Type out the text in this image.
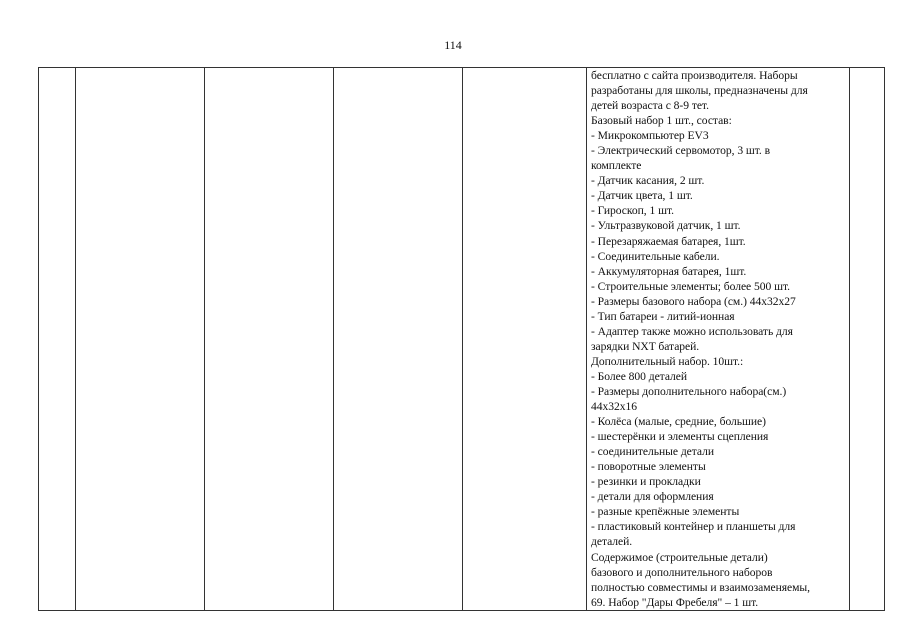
114

бесплатно с сайта производителя. Наборы
разработаны для школы, предназначены для
детей возраста с 8-9 тет.
Базовый набор 1 шт., состав:
- Микрокомпьютер EV3
- Электрический сервомотор, 3 шт. в
комплекте
- Датчик касания, 2 шт.
- Датчик цвета, 1 шт.
- Гироскоп, 1 шт.
- Ультразвуковой датчик, 1 шт.
- Перезаряжаемая батарея, 1шт.
- Соединительные кабели.
- Аккумуляторная батарея, 1шт.
- Строительные элементы; более 500 шт.
- Размеры базового набора (см.) 44x32x27
- Тип батареи - литий-ионная
- Адаптер также можно использовать для
зарядки NXT батарей.
Дополнительный набор. 10шт.:
- Более 800 деталей
- Размеры дополнительного набора(см.)
44x32x16
- Колёса (малые, средние, большие)
- шестерёнки и элементы сцепления
- соединительные детали
- поворотные элементы
- резинки и прокладки
- детали для оформления
- разные крепёжные элементы
- пластиковый контейнер и планшеты для
деталей.
Содержимое (строительные детали)
базового и дополнительного наборов
полностью совместимы и взаимозаменяемы,
69. Набор "Дары Фребеля" – 1 шт.
